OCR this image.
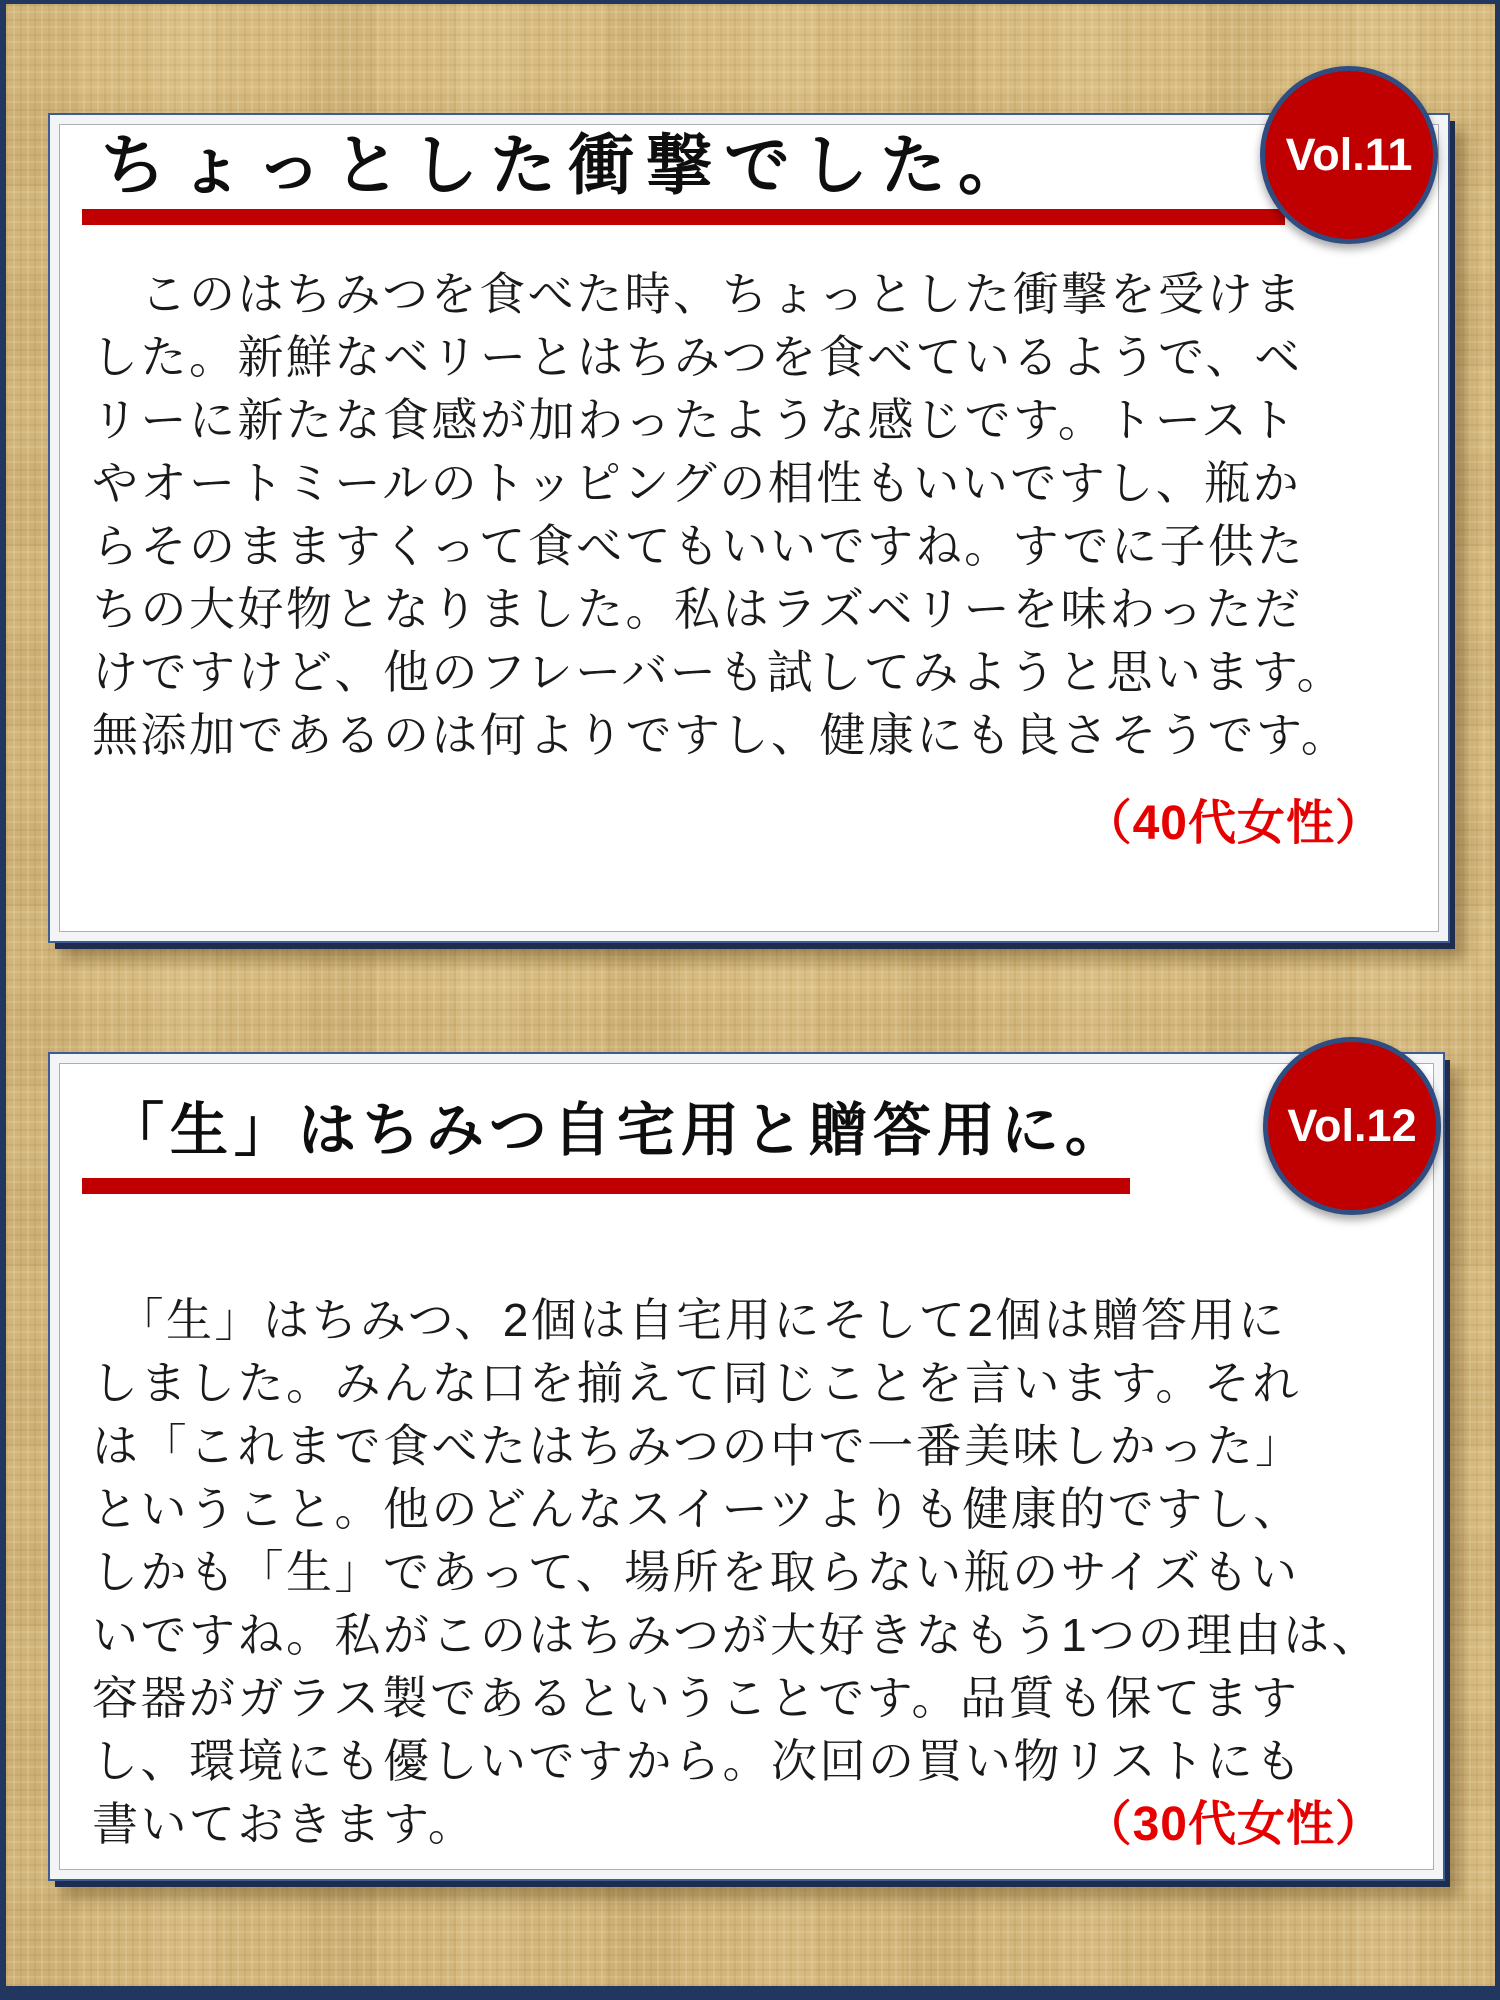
Vol.11
ちょっとした衝撃でした。
　このはちみつを食べた時、ちょっとした衝撃を受けま
した。新鮮なベリーとはちみつを食べているようで、ベ
リーに新たな食感が加わったような感じです。トースト
やオートミールのトッピングの相性もいいですし、瓶か
らそのまますくって食べてもいいですね。すでに子供た
ちの大好物となりました。私はラズベリーを味わっただ
けですけど、他のフレーバーも試してみようと思います。
無添加であるのは何よりですし、健康にも良さそうです。
（40代女性）
Vol.12
「生」はちみつ自宅用と贈答用に。
　「生」はちみつ、2個は自宅用にそして2個は贈答用に
しました。みんな口を揃えて同じことを言います。それ
は「これまで食べたはちみつの中で一番美味しかった」
ということ。他のどんなスイーツよりも健康的ですし、
しかも「生」であって、場所を取らない瓶のサイズもい
いですね。私がこのはちみつが大好きなもう1つの理由は、
容器がガラス製であるということです。品質も保てます
し、環境にも優しいですから。次回の買い物リストにも
書いておきます。	（30代女性）
